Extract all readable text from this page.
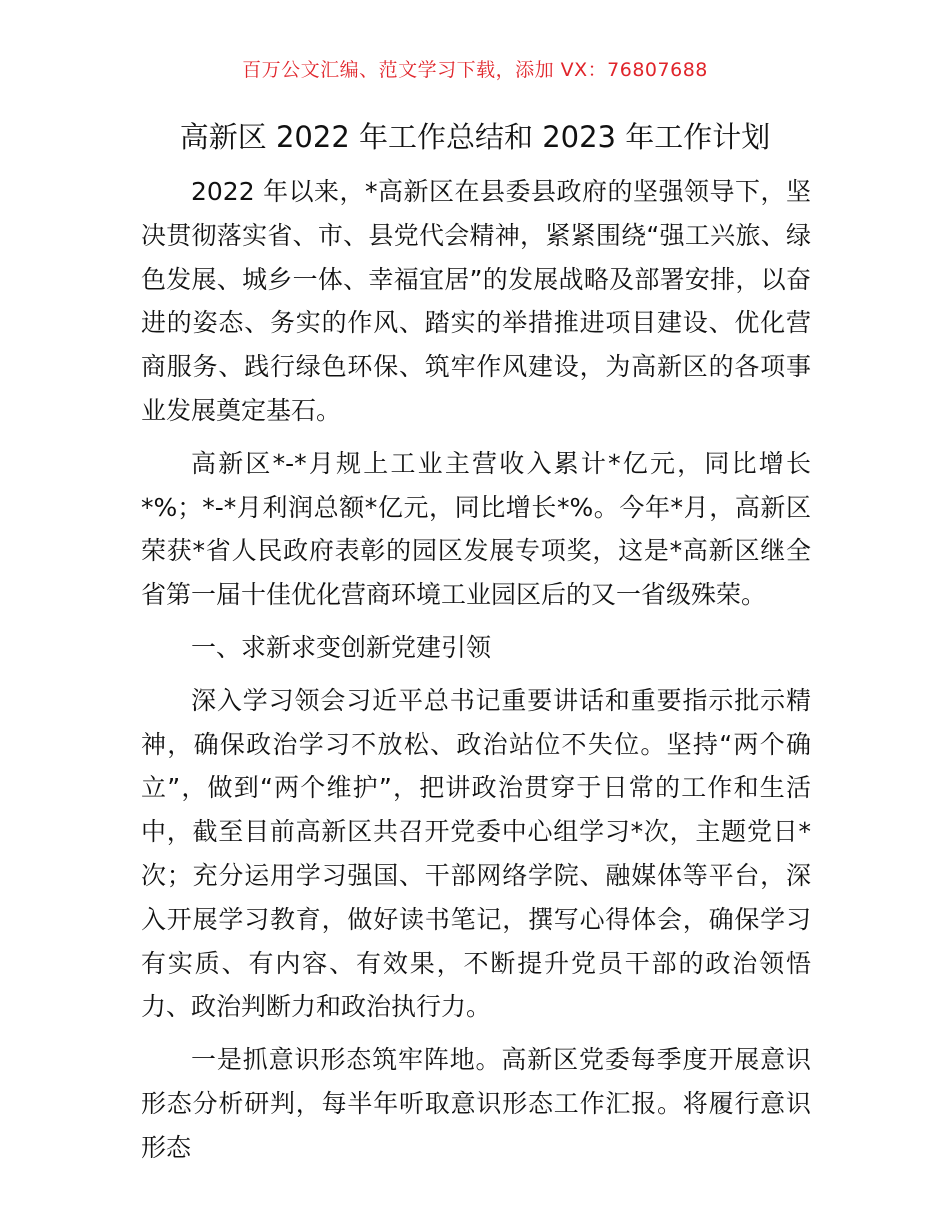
百万公文汇编、范文学习下载，添加 VX：76807688
高新区 2022 年工作总结和 2023 年工作计划

2022 年以来，*高新区在县委县政府的坚强领导下，坚决贯彻落实省、市、县党代会精神，紧紧围绕“强工兴旅、绿色发展、城乡一体、幸福宜居”的发展战略及部署安排，以奋进的姿态、务实的作风、踏实的举措推进项目建设、优化营商服务、践行绿色环保、筑牢作风建设，为高新区的各项事业发展奠定基石。

高新区*-*月规上工业主营收入累计*亿元，同比增长*%；*-*月利润总额*亿元，同比增长*%。今年*月，高新区荣获*省人民政府表彰的园区发展专项奖，这是*高新区继全省第一届十佳优化营商环境工业园区后的又一省级殊荣。

一、求新求变创新党建引领

深入学习领会习近平总书记重要讲话和重要指示批示精神，确保政治学习不放松、政治站位不失位。坚持“两个确立”，做到“两个维护”，把讲政治贯穿于日常的工作和生活中，截至目前高新区共召开党委中心组学习*次，主题党日*次；充分运用学习强国、干部网络学院、融媒体等平台，深入开展学习教育，做好读书笔记，撰写心得体会，确保学习有实质、有内容、有效果，不断提升党员干部的政治领悟力、政治判断力和政治执行力。

一是抓意识形态筑牢阵地。高新区党委每季度开展意识形态分析研判，每半年听取意识形态工作汇报。将履行意识形态
